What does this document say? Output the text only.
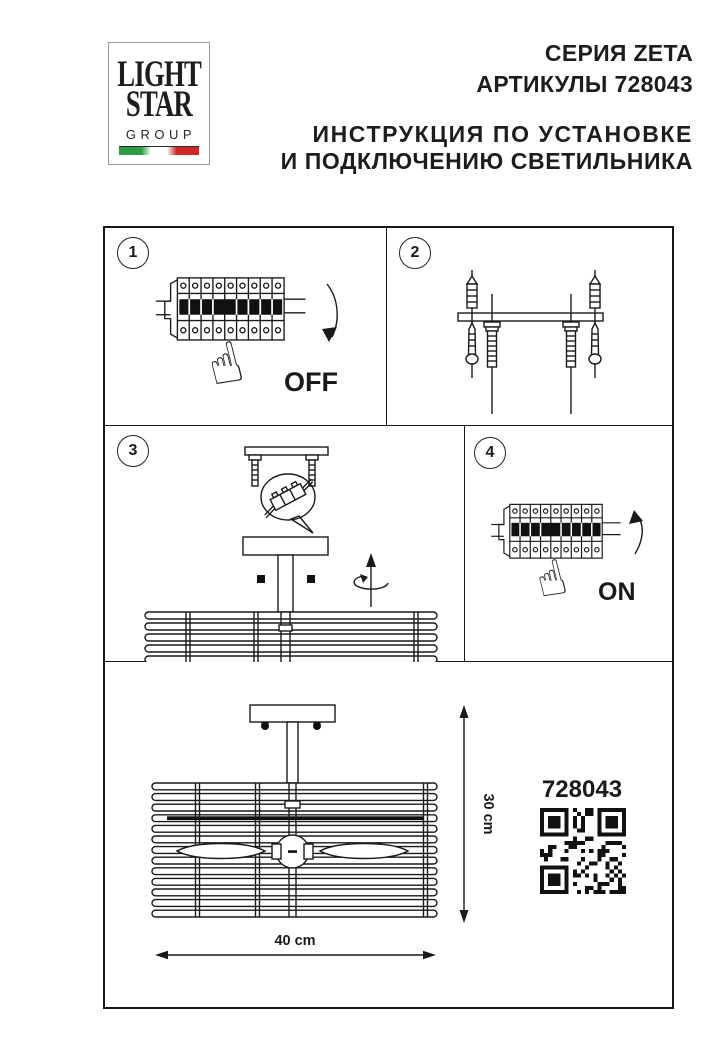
LIGHT
STAR
GROUP
СЕРИЯ ZETA
АРТИКУЛЫ 728043
ИНСТРУКЦИЯ ПО УСТАНОВКЕ
И ПОДКЛЮЧЕНИЮ СВЕТИЛЬНИКА
1
OFF
2
3	4
ON
30 cm
40 cm
728043
